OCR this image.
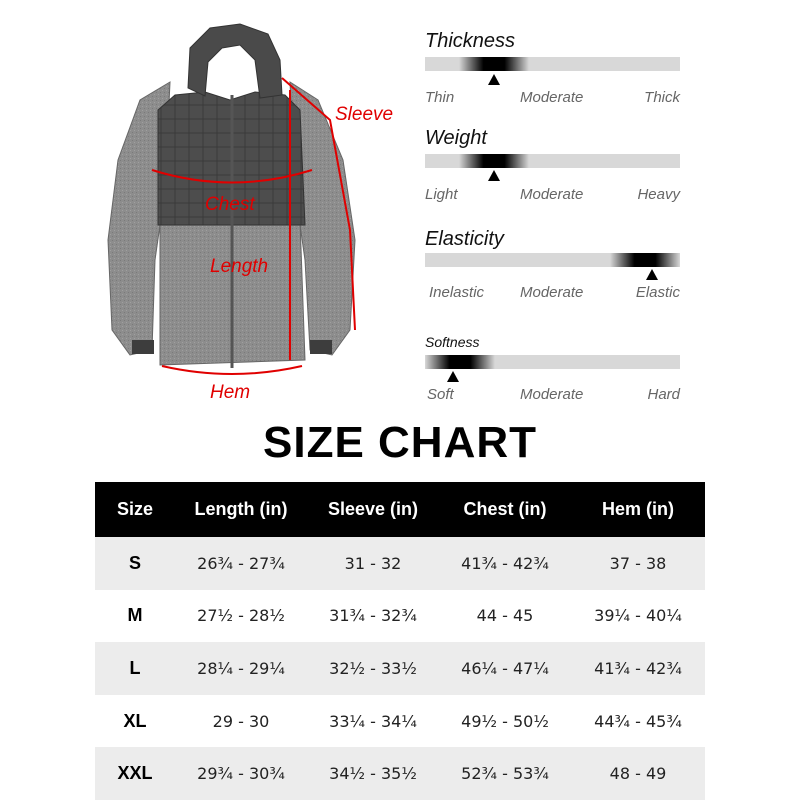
Sleeve
Chest
Length
Hem
Thickness
Thin	Moderate	Thick
Weight
Light	Moderate	Heavy
Elasticity
Inelastic Moderate	Elastic
Softness
Soft	Moderate	Hard
SIZE CHART
Size	Length (in)	Sleeve (in)	Chest (in)	Hem (in)
S	26¾ - 27¾	31 - 32	41¾ - 42¾	37 - 38
M	27½ - 28½	31¾ - 32¾	44 - 45	39¼ - 40¼
L	28¼ - 29¼	32½ - 33½	46¼ - 47¼	41¾ - 42¾
XL	29 - 30	33¼ - 34¼	49½ - 50½	44¾ - 45¾
XXL	29¾ - 30¾	34½ - 35½	52¾ - 53¾	48 - 49
